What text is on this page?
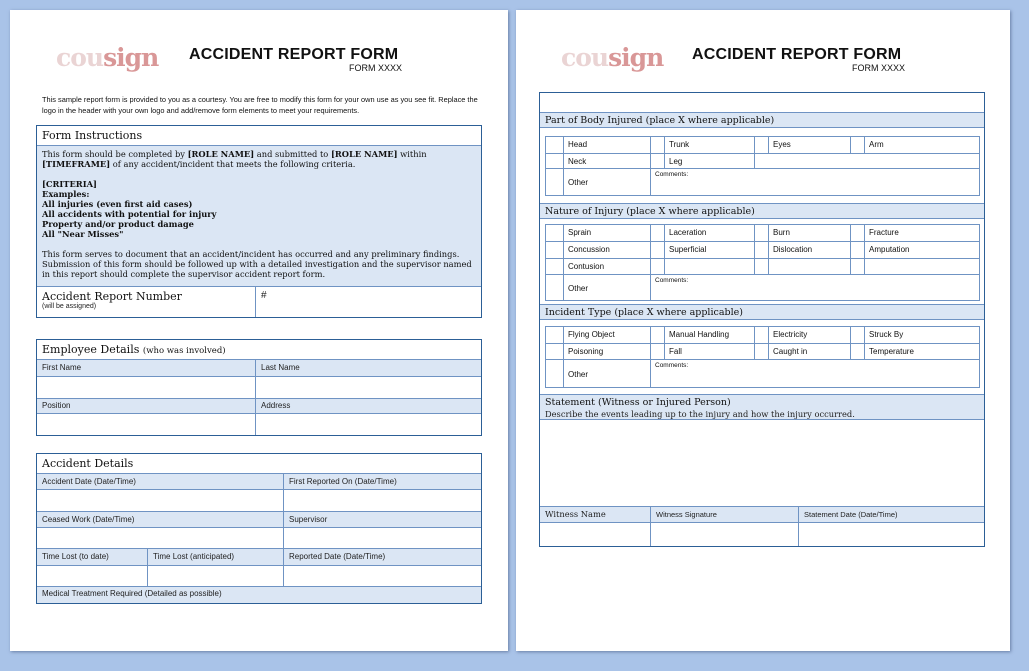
cousign ACCIDENT REPORT FORM
FORM XXXX
This sample report form is provided to you as a courtesy. You are free to modify this form for your own use as you see fit. Replace the logo in the header with your own logo and add/remove form elements to meet your requirements.
Form Instructions
This form should be completed by [ROLE NAME] and submitted to [ROLE NAME] within [TIMEFRAME] of any accident/incident that meets the following criteria.
[CRITERIA]
Examples:
All injuries (even first aid cases)
All accidents with potential for injury
Property and/or product damage
All "Near Misses"
This form serves to document that an accident/incident has occurred and any preliminary findings. Submission of this form should be followed up with a detailed investigation and the supervisor named in this report should complete the supervisor accident report form.
Accident Report Number
(will be assigned)
#
Employee Details (who was involved)
First Name	Last Name
Position	Address
Accident Details
Accident Date (Date/Time)	First Reported On (Date/Time)
Ceased Work (Date/Time)	Supervisor
Time Lost (to date)	Time Lost (anticipated)	Reported Date (Date/Time)
Medical Treatment Required (Detailed as possible)
cousign ACCIDENT REPORT FORM
FORM XXXX
Part of Body Injured (place X where applicable)
Head	Trunk	Eyes	Arm
Neck	Leg
Other
Comments:
Nature of Injury (place X where applicable)
Sprain	Laceration	Burn	Fracture
Concussion	Superficial	Dislocation	Amputation
Contusion
Other
Comments:
Incident Type (place X where applicable)
Flying Object	Manual Handling	Electricity	Struck By
Poisoning	Fall	Caught in	Temperature
Other
Comments:
Statement (Witness or Injured Person)
Describe the events leading up to the injury and how the injury occurred.
Witness Name	Witness Signature	Statement Date (Date/Time)
